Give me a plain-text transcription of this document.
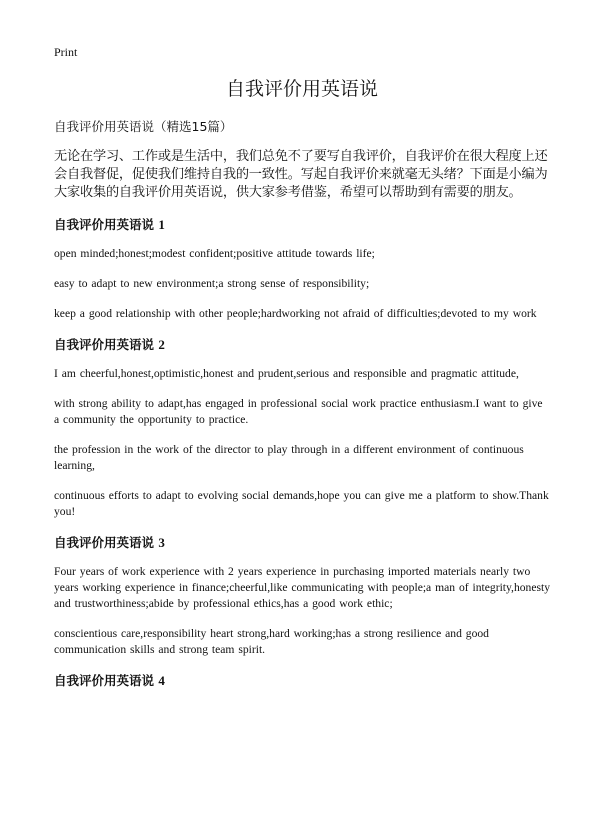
Print
自我评价用英语说
自我评价用英语说（精选15篇）

无论在学习、工作或是生活中，我们总免不了要写自我评价，自我评价在很大程度上还会自我督促，促使我们维持自我的一致性。写起自我评价来就毫无头绪？下面是小编为大家收集的自我评价用英语说，供大家参考借鉴，希望可以帮助到有需要的朋友。

自我评价用英语说 1

open minded;honest;modest confident;positive attitude towards life;

easy to adapt to new environment;a strong sense of responsibility;

keep a good relationship with other people;hardworking not afraid of difficulties;devoted to my work

自我评价用英语说 2

I am cheerful,honest,optimistic,honest and prudent,serious and responsible and pragmatic attitude,

with strong ability to adapt,has engaged in professional social work practice enthusiasm.I want to give a community the opportunity to practice.

the profession in the work of the director to play through in a different environment of continuous learning,

continuous efforts to adapt to evolving social demands,hope you can give me a platform to show.Thank you!

自我评价用英语说 3

Four years of work experience with 2 years experience in purchasing imported materials nearly two years working experience in finance;cheerful,like communicating with people;a man of integrity,honesty and trustworthiness;abide by professional ethics,has a good work ethic;

conscientious care,responsibility heart strong,hard working;has a strong resilience and good communication skills and strong team spirit.

自我评价用英语说 4
